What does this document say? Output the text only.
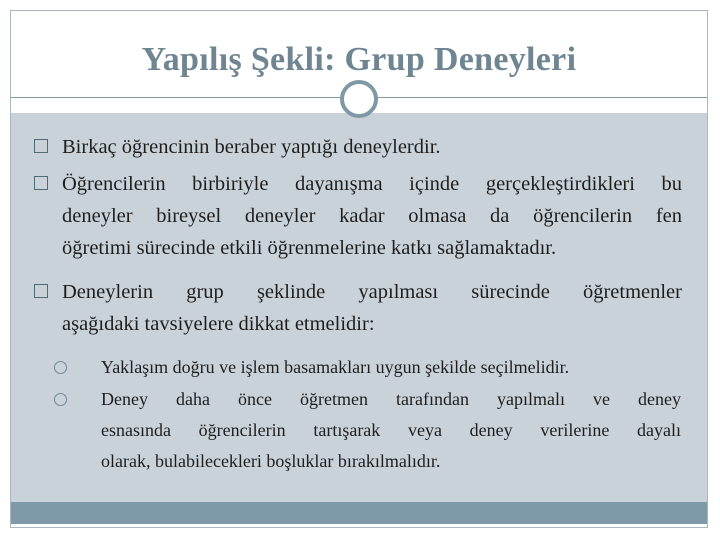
Yapılış Şekli: Grup Deneyleri
Birkaç öğrencinin beraber yaptığı deneylerdir.
Öğrencilerin birbiriyle dayanışma içinde gerçekleştirdikleri bu
deneyler bireysel deneyler kadar olmasa da öğrencilerin fen
öğretimi sürecinde etkili öğrenmelerine katkı sağlamaktadır.
Deneylerin grup şeklinde yapılması sürecinde öğretmenler
aşağıdaki tavsiyelere dikkat etmelidir:
Yaklaşım doğru ve işlem basamakları uygun şekilde seçilmelidir.
Deney daha önce öğretmen tarafından yapılmalı ve deney
esnasında öğrencilerin tartışarak veya deney verilerine dayalı
olarak, bulabilecekleri boşluklar bırakılmalıdır.
